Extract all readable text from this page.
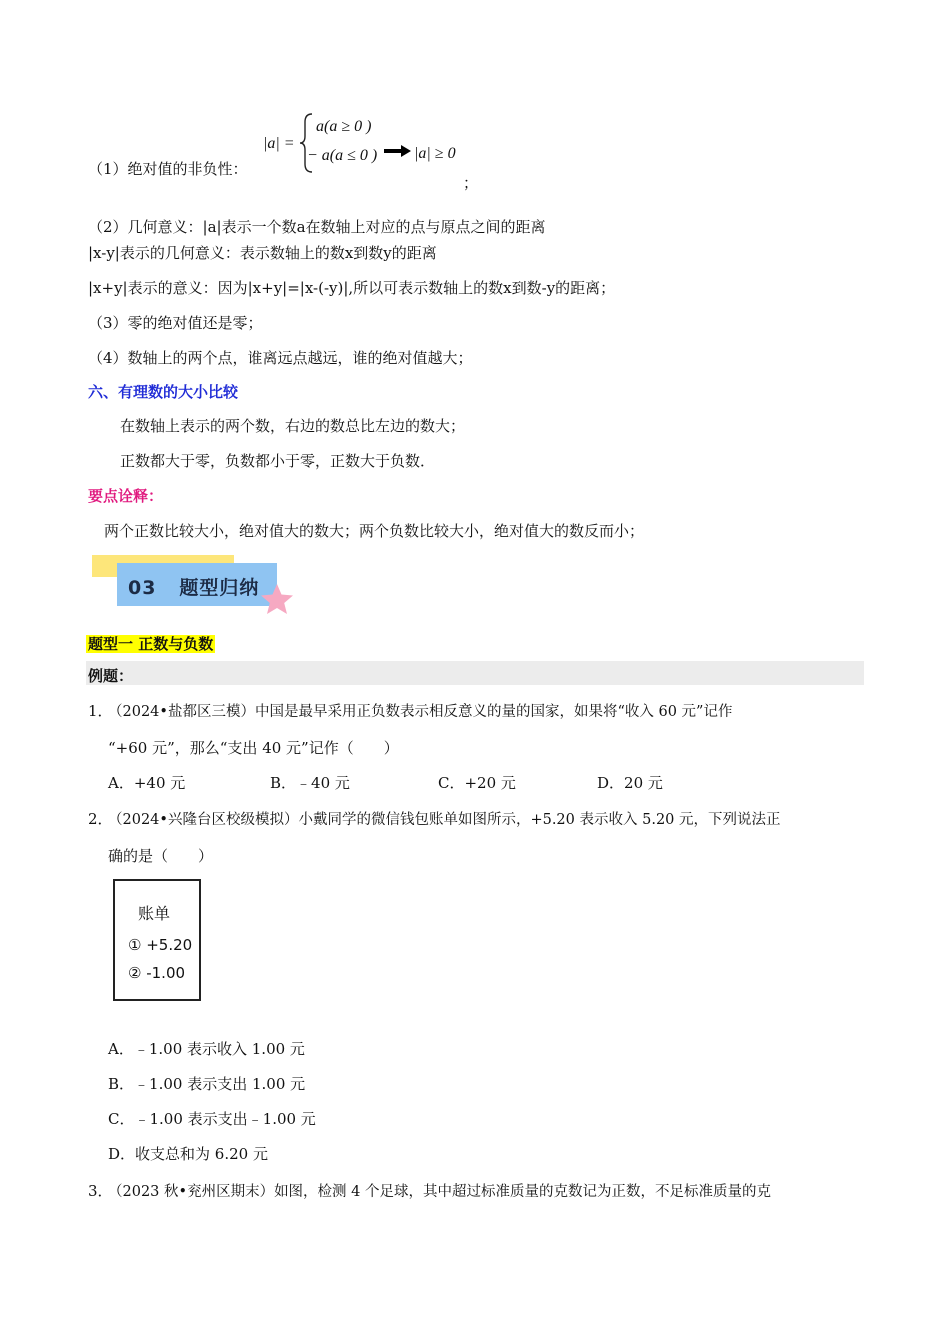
（1）绝对值的非负性：
|a| =
a(a ≥ 0 )
− a(a ≤ 0 ) |a| ≥ 0
；
（2）几何意义：|a|表示一个数a在数轴上对应的点与原点之间的距离
|x-y|表示的几何意义：表示数轴上的数x到数y的距离
|x+y|表示的意义：因为|x+y|=|x-(-y)|,所以可表示数轴上的数x到数-y的距离；
（3）零的绝对值还是零；
（4）数轴上的两个点，谁离远点越远，谁的绝对值越大；
六、有理数的大小比较
在数轴上表示的两个数，右边的数总比左边的数大；
正数都大于零，负数都小于零，正数大于负数．
要点诠释：
两个正数比较大小，绝对值大的数大；两个负数比较大小，绝对值大的数反而小；
03 题型归纳
题型一 正数与负数
例题：
1．
（2024•盐都区三模）中国是最早采用正负数表示相反意义的量的国家，如果将“收入 60 元”记作
“+60 元”，那么“支出 40 元”记作（　　）
A．+40 元	B．﹣40 元	C．+20 元	D．20 元
2．
（2024•兴隆台区校级模拟）小戴同学的微信钱包账单如图所示，+5.20 表示收入 5.20 元，下列说法正
确的是（　　）
账单
① +5.20
② -1.00
A．﹣1.00 表示收入 1.00 元
B．﹣1.00 表示支出 1.00 元
C．﹣1.00 表示支出﹣1.00 元
D．收支总和为 6.20 元
3．
（2023 秋•兖州区期末）如图，检测 4 个足球，其中超过标准质量的克数记为正数，不足标准质量的克
